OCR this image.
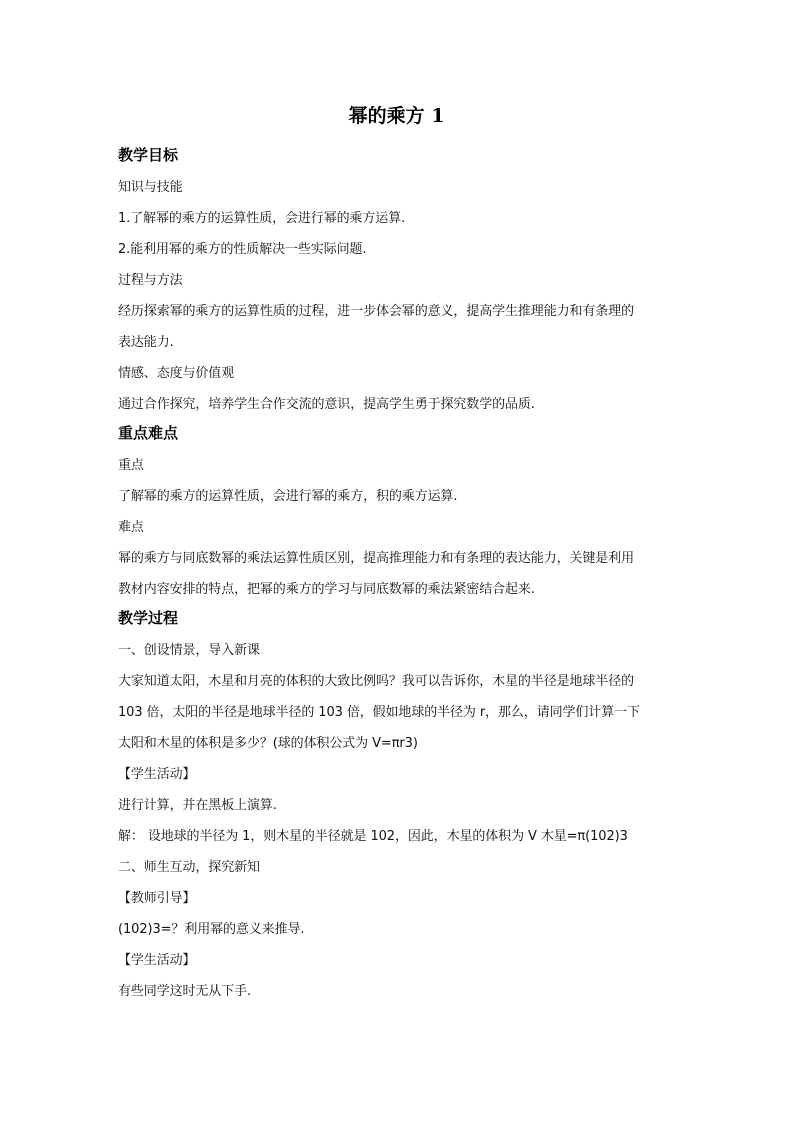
幂的乘方 1
教学目标
知识与技能
1.了解幂的乘方的运算性质，会进行幂的乘方运算.
2.能利用幂的乘方的性质解决一些实际问题.
过程与方法
经历探索幂的乘方的运算性质的过程，进一步体会幂的意义，提高学生推理能力和有条理的
表达能力.
情感、态度与价值观
通过合作探究，培养学生合作交流的意识，提高学生勇于探究数学的品质.
重点难点
重点
了解幂的乘方的运算性质，会进行幂的乘方，积的乘方运算.
难点
幂的乘方与同底数幂的乘法运算性质区别，提高推理能力和有条理的表达能力，关键是利用
教材内容安排的特点，把幂的乘方的学习与同底数幂的乘法紧密结合起来.
教学过程
一、创设情景，导入新课
大家知道太阳，木星和月亮的体积的大致比例吗？我可以告诉你，木星的半径是地球半径的
103 倍，太阳的半径是地球半径的 103 倍，假如地球的半径为 r，那么，请同学们计算一下
太阳和木星的体积是多少？(球的体积公式为 V=πr3)
【学生活动】
进行计算，并在黑板上演算.
解： 设地球的半径为 1，则木星的半径就是 102，因此，木星的体积为 V 木星=π(102)3
二、师生互动，探究新知
【教师引导】
(102)3=？利用幂的意义来推导.
【学生活动】
有些同学这时无从下手.
